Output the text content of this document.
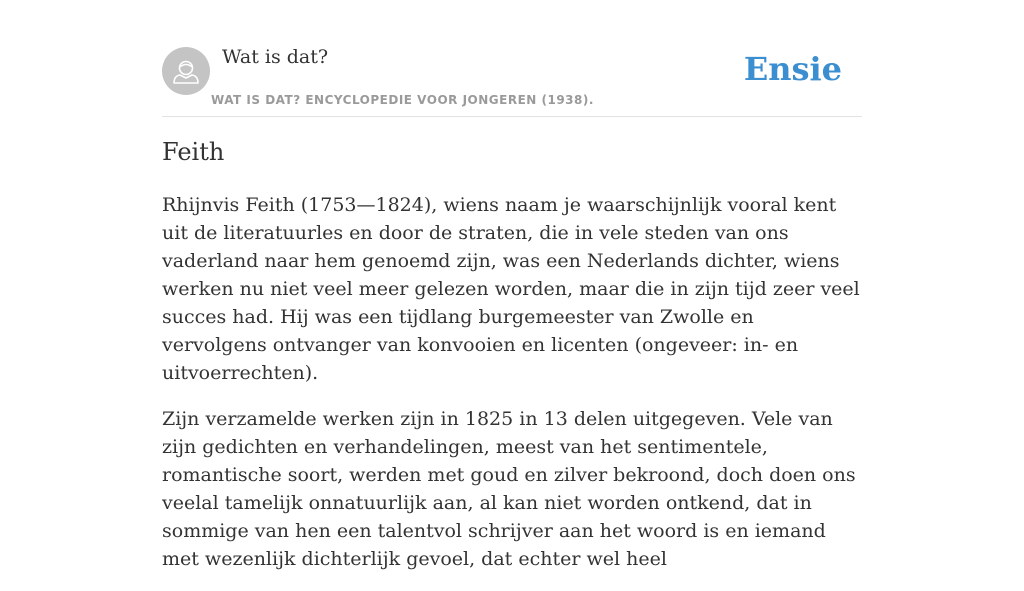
Wat is dat?
WAT IS DAT? ENCYCLOPEDIE VOOR JONGEREN (1938).
Ensie
Feith

Rhijnvis Feith (1753—1824), wiens naam je waarschijnlijk vooral kent uit de literatuurles en door de straten, die in vele steden van ons vaderland naar hem genoemd zijn, was een Nederlands dichter, wiens werken nu niet veel meer gelezen worden, maar die in zijn tijd zeer veel succes had. Hij was een tijdlang burgemeester van Zwolle en vervolgens ontvanger van konvooien en licenten (ongeveer: in- en uitvoerrechten).

Zijn verzamelde werken zijn in 1825 in 13 delen uitgegeven. Vele van zijn gedichten en verhandelingen, meest van het sentimentele, romantische soort, werden met goud en zilver bekroond, doch doen ons veelal tamelijk onnatuurlijk aan, al kan niet worden ontkend, dat in sommige van hen een talentvol schrijver aan het woord is en iemand met wezenlijk dichterlijk gevoel, dat echter wel heel
